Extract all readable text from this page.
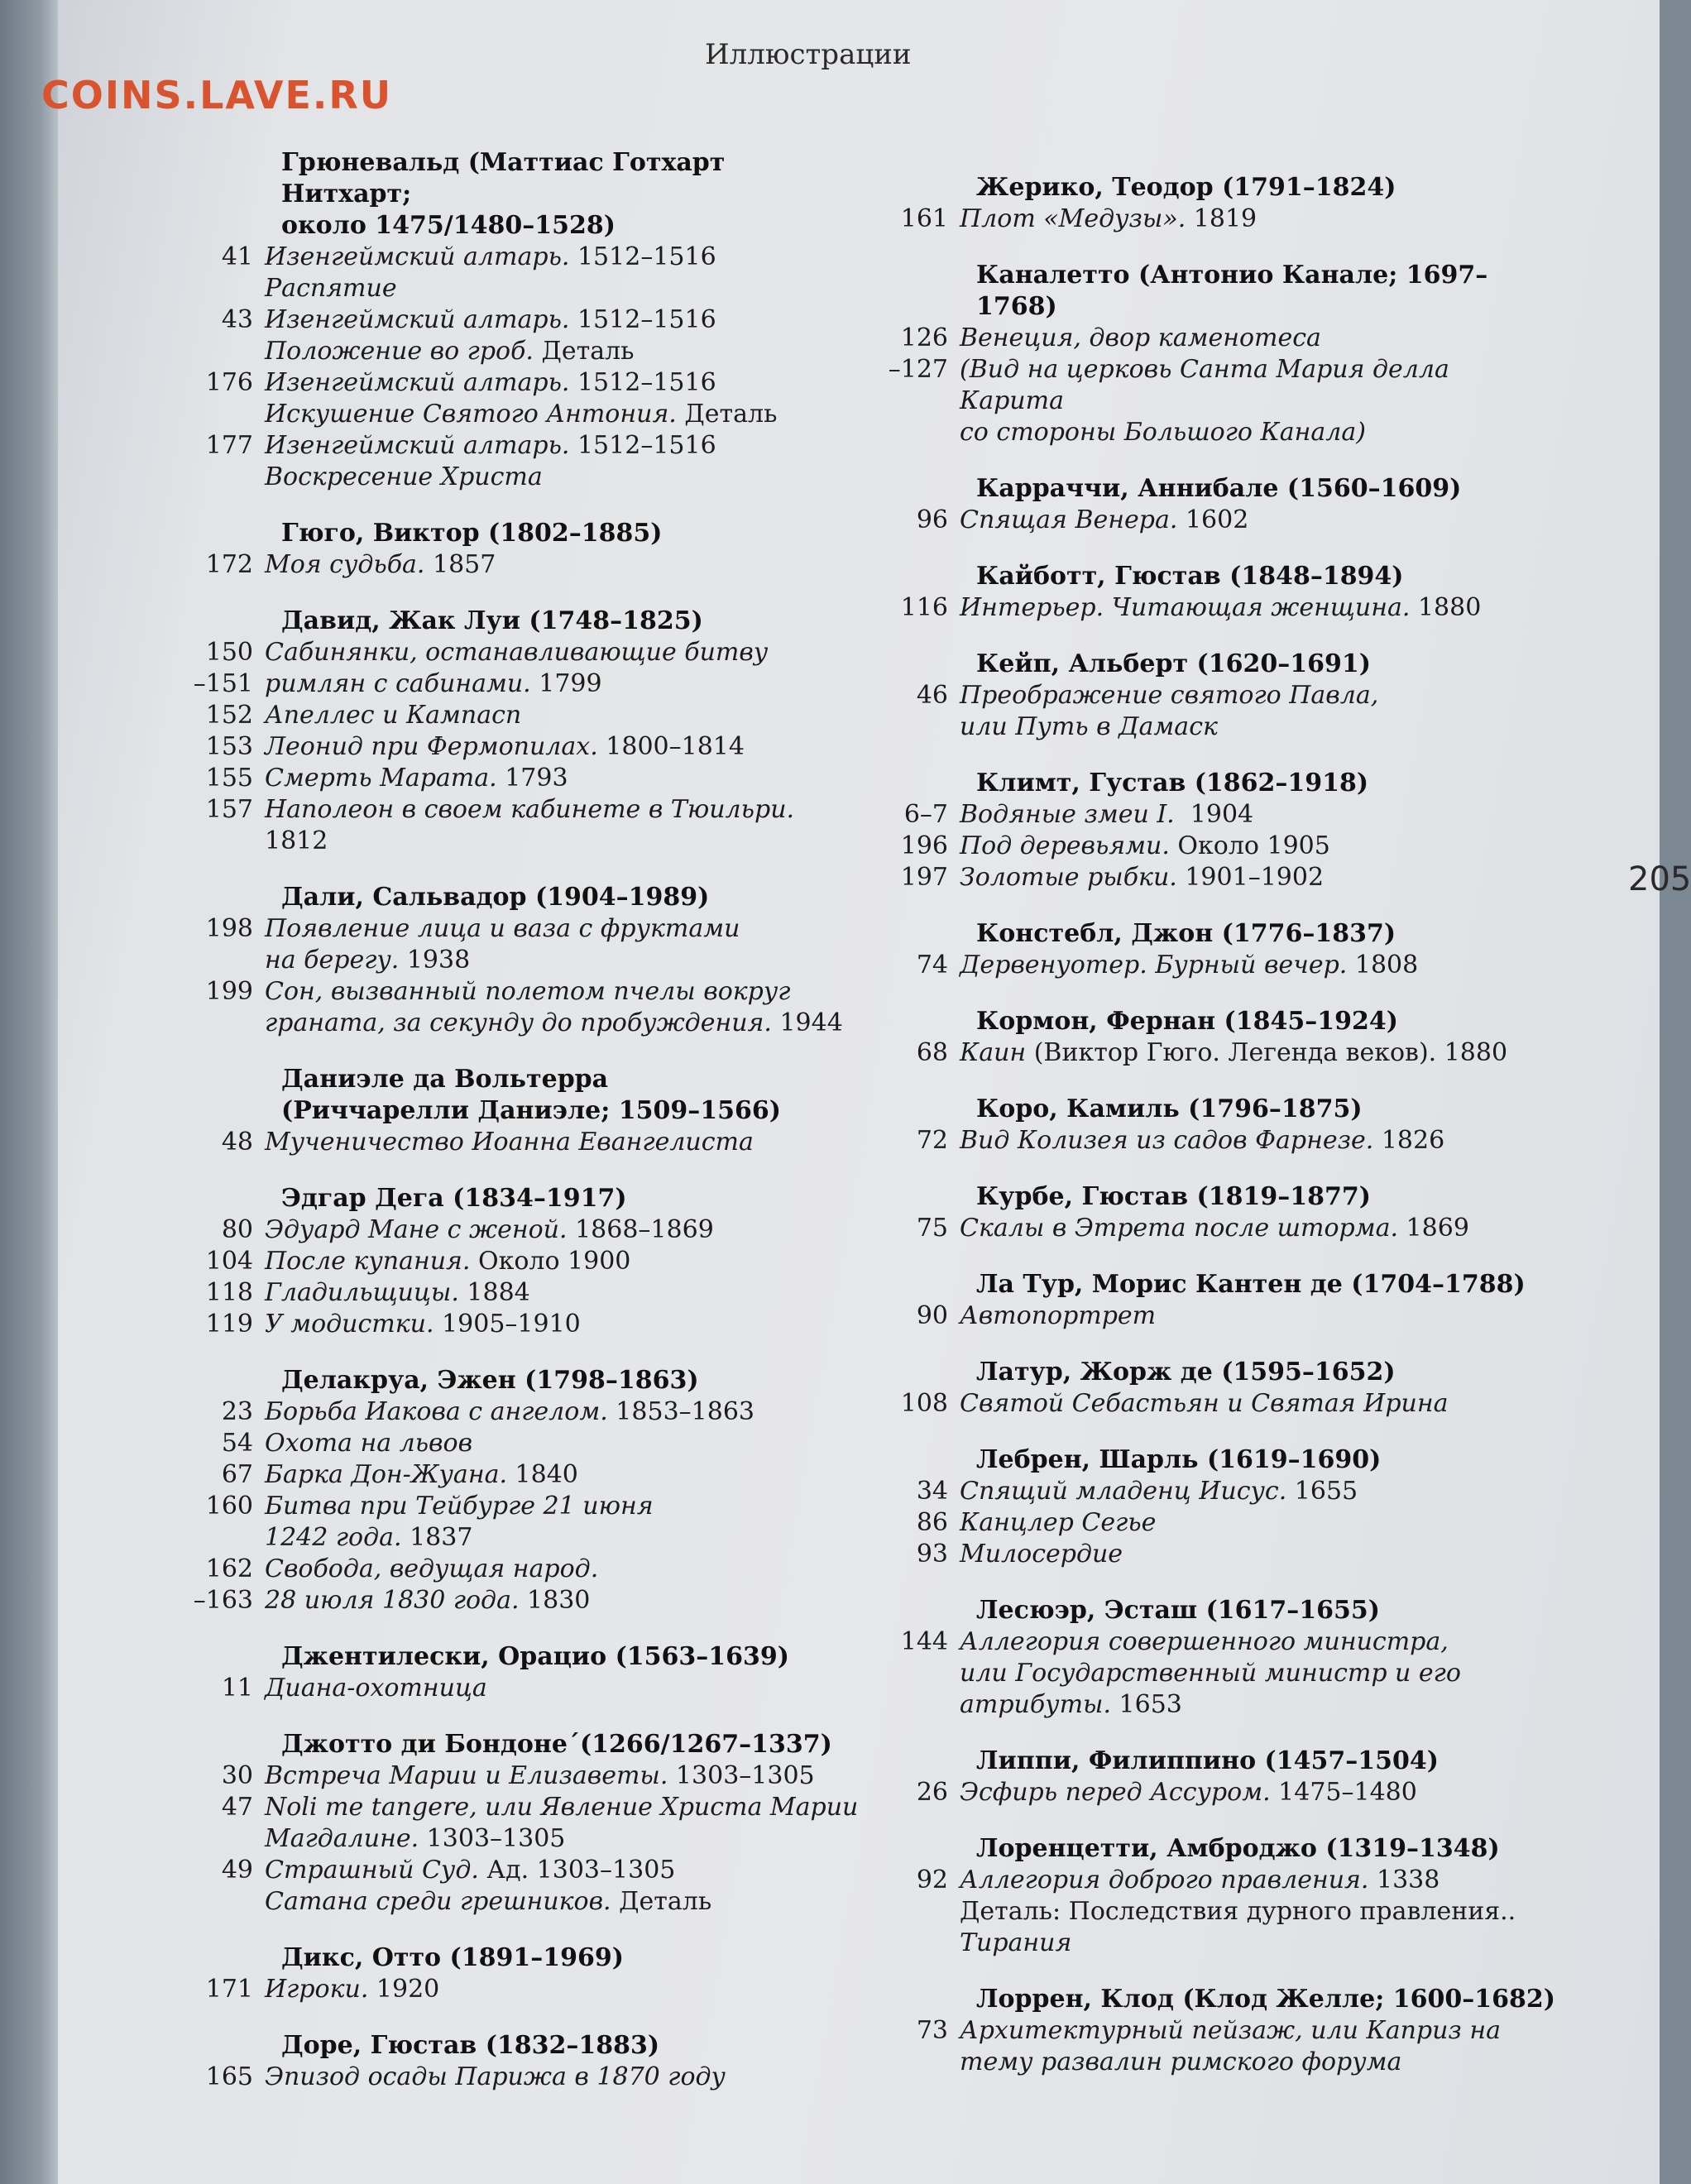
Иллюстрации
205
Грюневальд (Маттиас Готхарт Нитхарт;
около 1475/1480–1528)
41 Изенгеймский алтарь. 1512–1516
Распятие
43 Изенгеймский алтарь. 1512–1516
Положение во гроб. Деталь
176 Изенгеймский алтарь. 1512–1516
Искушение Святого Антония. Деталь
177 Изенгеймский алтарь. 1512–1516
Воскресение Христа
Гюго, Виктор (1802–1885)
172 Моя судьба. 1857
Давид, Жак Луи (1748–1825)
150 Сабинянки, останавливающие битву
–151 римлян с сабинами. 1799
152 Апеллес и Кампасп
153 Леонид при Фермопилах. 1800–1814
155 Смерть Марата. 1793
157 Наполеон в своем кабинете в Тюильри. 1812
Дали, Сальвадор (1904–1989)
198 Появление лица и ваза с фруктами
на берегу. 1938
199 Сон, вызванный полетом пчелы вокруг
граната, за секунду до пробуждения. 1944
Даниэле да Вольтерра
(Риччарелли Даниэле; 1509–1566)
48 Мученичество Иоанна Евангелиста
Эдгар Дега (1834–1917)
80 Эдуард Мане с женой. 1868–1869
104 После купания. Около 1900
118 Гладильщицы. 1884
119 У модистки. 1905–1910
Делакруа, Эжен (1798–1863)
23 Борьба Иакова с ангелом. 1853–1863
54 Охота на львов
67 Барка Дон-Жуана. 1840
160 Битва при Тейбурге 21 июня
1242 года. 1837
162 Свобода, ведущая народ.
–163 28 июля 1830 года. 1830
Джентилески, Орацио (1563–1639)
11 Диана-охотница
Джотто ди Бондоне´(1266/1267–1337)
30 Встреча Марии и Елизаветы. 1303–1305
47 Noli me tangere, или Явление Христа Марии
Магдалине. 1303–1305
49 Страшный Суд. Ад. 1303–1305
Сатана среди грешников. Деталь
Дикс, Отто (1891–1969)
171 Игроки. 1920
Доре, Гюстав (1832–1883)
165 Эпизод осады Парижа в 1870 году
Жерико, Теодор (1791–1824)
161 Плот «Медузы». 1819
Каналетто (Антонио Канале; 1697–1768)
126 Венеция, двор каменотеса
–127 (Вид на церковь Санта Мария делла Карита
со стороны Большого Канала)
Карраччи, Аннибале (1560–1609)
96 Спящая Венера. 1602
Кайботт, Гюстав (1848–1894)
116 Интерьер. Читающая женщина. 1880
Кейп, Альберт (1620–1691)
46 Преображение святого Павла,
или Путь в Дамаск
Климт, Густав (1862–1918)
6–7 Водяные змеи I.  1904
196 Под деревьями. Около 1905
197 Золотые рыбки. 1901–1902
Констебл, Джон (1776–1837)
74 Дервенуотер. Бурный вечер. 1808
Кормон, Фернан (1845–1924)
68 Каин (Виктор Гюго. Легенда веков). 1880
Коро, Камиль (1796–1875)
72 Вид Колизея из садов Фарнезе. 1826
Курбе, Гюстав (1819–1877)
75 Скалы в Этрета после шторма. 1869
Ла Тур, Морис Кантен де (1704–1788)
90 Автопортрет
Латур, Жорж де (1595–1652)
108 Святой Себастьян и Святая Ирина
Лебрен, Шарль (1619–1690)
34 Спящий младенц Иисус. 1655
86 Канцлер Сегье
93 Милосердие
Лесюэр, Эсташ (1617–1655)
144 Аллегория совершенного министра,
или Государственный министр и его
атрибуты. 1653
Липпи, Филиппино (1457–1504)
26 Эсфирь перед Ассуром. 1475–1480
Лоренцетти, Амброджо (1319–1348)
92 Аллегория доброго правления. 1338
Деталь: Последствия дурного правления..
Тирания
Лоррен, Клод (Клод Желле; 1600–1682)
73 Архитектурный пейзаж, или Каприз на
тему развалин римского форума
COINS.LAVE.RU
